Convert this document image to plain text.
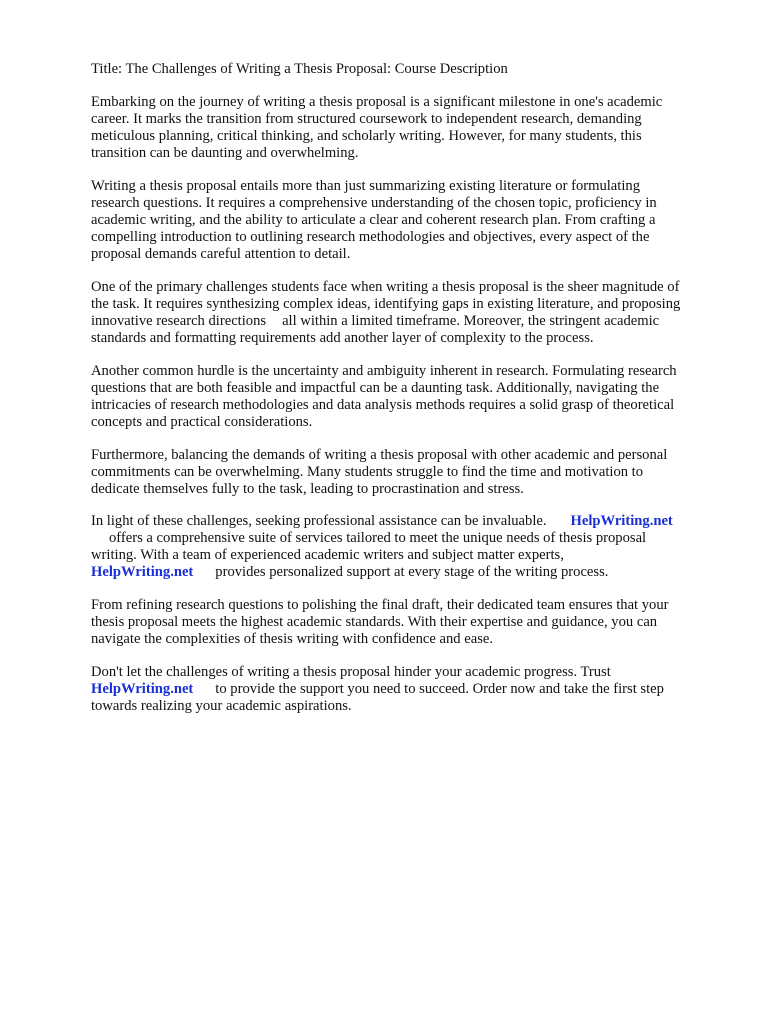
Title: The Challenges of Writing a Thesis Proposal: Course Description
Embarking on the journey of writing a thesis proposal is a significant milestone in one's academic
career. It marks the transition from structured coursework to independent research, demanding
meticulous planning, critical thinking, and scholarly writing. However, for many students, this
transition can be daunting and overwhelming.
Writing a thesis proposal entails more than just summarizing existing literature or formulating
research questions. It requires a comprehensive understanding of the chosen topic, proficiency in
academic writing, and the ability to articulate a clear and coherent research plan. From crafting a
compelling introduction to outlining research methodologies and objectives, every aspect of the
proposal demands careful attention to detail.
One of the primary challenges students face when writing a thesis proposal is the sheer magnitude of
the task. It requires synthesizing complex ideas, identifying gaps in existing literature, and proposing
innovative research directions all within a limited timeframe. Moreover, the stringent academic
standards and formatting requirements add another layer of complexity to the process.
Another common hurdle is the uncertainty and ambiguity inherent in research. Formulating research
questions that are both feasible and impactful can be a daunting task. Additionally, navigating the
intricacies of research methodologies and data analysis methods requires a solid grasp of theoretical
concepts and practical considerations.
Furthermore, balancing the demands of writing a thesis proposal with other academic and personal
commitments can be overwhelming. Many students struggle to find the time and motivation to
dedicate themselves fully to the task, leading to procrastination and stress.
In light of these challenges, seeking professional assistance can be invaluable. HelpWriting.net
offers a comprehensive suite of services tailored to meet the unique needs of thesis proposal
writing. With a team of experienced academic writers and subject matter experts,
HelpWriting.net provides personalized support at every stage of the writing process.
From refining research questions to polishing the final draft, their dedicated team ensures that your
thesis proposal meets the highest academic standards. With their expertise and guidance, you can
navigate the complexities of thesis writing with confidence and ease.
Don't let the challenges of writing a thesis proposal hinder your academic progress. Trust
HelpWriting.net to provide the support you need to succeed. Order now and take the first step
towards realizing your academic aspirations.
